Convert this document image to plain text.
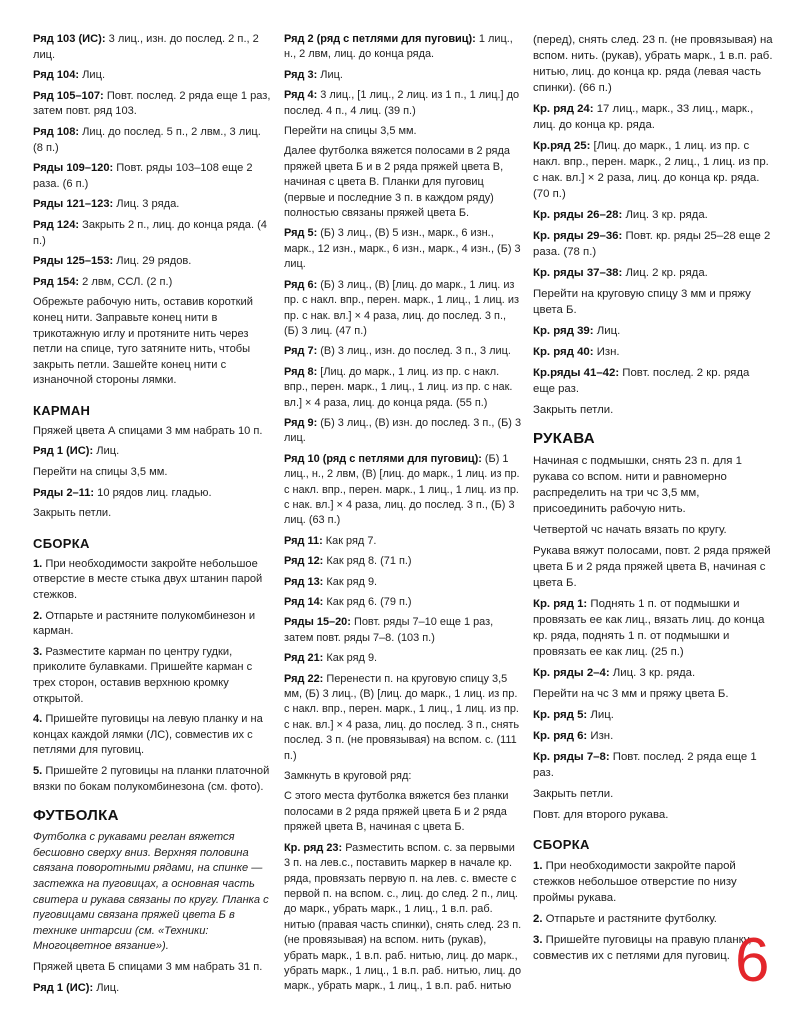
Ряд 103 (ИС): 3 лиц., изн. до послед. 2 п., 2 лиц.

Ряд 104: Лиц.

Ряд 105–107: Повт. послед. 2 ряда еще 1 раз, затем повт. ряд 103.

Ряд 108: Лиц. до послед. 5 п., 2 лвм., 3 лиц. (8 п.)

Ряды 109–120: Повт. ряды 103–108 еще 2 раза. (6 п.)

Ряды 121–123: Лиц. 3 ряда.

Ряд 124: Закрыть 2 п., лиц. до конца ряда. (4 п.)

Ряды 125–153: Лиц. 29 рядов.

Ряд 154: 2 лвм, ССЛ. (2 п.)

Обрежьте рабочую нить, оставив короткий конец нити. Заправьте конец нити в трикотажную иглу и протяните нить через петли на спице, туго затяните нить, чтобы закрыть петли. Зашейте конец нити с изнаночной стороны лямки.

КАРМАН

Пряжей цвета А спицами 3 мм набрать 10 п.

Ряд 1 (ИС): Лиц.

Перейти на спицы 3,5 мм.

Ряды 2–11: 10 рядов лиц. гладью.

Закрыть петли.

СБОРКА

1. При необходимости закройте небольшое отверстие в месте стыка двух штанин парой стежков.

2. Отпарьте и растяните полукомбинезон и карман.

3. Разместите карман по центру гудки, приколите булавками. Пришейте карман с трех сторон, оставив верхнюю кромку открытой.

4. Пришейте пуговицы на левую планку и на концах каждой лямки (ЛС), совместив их с петлями для пуговиц.

5. Пришейте 2 пуговицы на планки платочной вязки по бокам полукомбинезона (см. фото).

ФУТБОЛКА

Футболка с рукавами реглан вяжется бесшовно сверху вниз. Верхняя половина связана поворотными рядами, на спинке — застежка на пуговицах, а основная часть свитера и рукава связаны по кругу. Планка с пуговицами связана пряжей цвета Б в технике интарсии (см. «Техники: Многоцветное вязание»).

Пряжей цвета Б спицами 3 мм набрать 31 п.

Ряд 1 (ИС): Лиц.

Ряд 2 (ряд с петлями для пуговиц): 1 лиц., н., 2 лвм, лиц. до конца ряда.

Ряд 3: Лиц.

Ряд 4: 3 лиц., [1 лиц., 2 лиц. из 1 п., 1 лиц.] до послед. 4 п., 4 лиц. (39 п.)

Перейти на спицы 3,5 мм.

Далее футболка вяжется полосами в 2 ряда пряжей цвета Б и в 2 ряда пряжей цвета В, начиная с цвета В. Планки для пуговиц (первые и последние 3 п. в каждом ряду) полностью связаны пряжей цвета Б.

Ряд 5: (Б) 3 лиц., (В) 5 изн., марк., 6 изн., марк., 12 изн., марк., 6 изн., марк., 4 изн., (Б) 3 лиц.

Ряд 6: (Б) 3 лиц., (В) [лиц. до марк., 1 лиц. из пр. с накл. впр., перен. марк., 1 лиц., 1 лиц. из пр. с нак. вл.] × 4 раза, лиц. до послед. 3 п., (Б) 3 лиц. (47 п.)

Ряд 7: (В) 3 лиц., изн. до послед. 3 п., 3 лиц.

Ряд 8: [Лиц. до марк., 1 лиц. из пр. с накл. впр., перен. марк., 1 лиц., 1 лиц. из пр. с нак. вл.] × 4 раза, лиц. до конца ряда. (55 п.)

Ряд 9: (Б) 3 лиц., (В) изн. до послед. 3 п., (Б) 3 лиц.

Ряд 10 (ряд с петлями для пуговиц): (Б) 1 лиц., н., 2 лвм, (В) [лиц. до марк., 1 лиц. из пр. с накл. впр., перен. марк., 1 лиц., 1 лиц. из пр. с нак. вл.] × 4 раза, лиц. до послед. 3 п., (Б) 3 лиц. (63 п.)

Ряд 11: Как ряд 7.

Ряд 12: Как ряд 8. (71 п.)

Ряд 13: Как ряд 9.

Ряд 14: Как ряд 6. (79 п.)

Ряды 15–20: Повт. ряды 7–10 еще 1 раз, затем повт. ряды 7–8. (103 п.)

Ряд 21: Как ряд 9.

Ряд 22: Перенести п. на круговую спицу 3,5 мм, (Б) 3 лиц., (В) [лиц. до марк., 1 лиц. из пр. с накл. впр., перен. марк., 1 лиц., 1 лиц. из пр. с нак. вл.] × 4 раза, лиц. до послед. 3 п., снять послед. 3 п. (не провязывая) на вспом. с. (111 п.)

Замкнуть в круговой ряд:

С этого места футболка вяжется без планки полосами в 2 ряда пряжей цвета Б и 2 ряда пряжей цвета В, начиная с цвета Б.

Кр. ряд 23: Разместить вспом. с. за первыми 3 п. на лев.с., поставить маркер в начале кр. ряда, провязать первую п. на лев. с. вместе с первой п. на вспом. с., лиц. до след. 2 п., лиц. до марк., убрать марк., 1 лиц., 1 в.п. раб. нитью (правая часть спинки), снять след. 23 п. (не провязывая) на вспом. нить (рукав), убрать марк., 1 в.п. раб. нитью, лиц. до марк., убрать марк., 1 лиц., 1 в.п. раб. нитью, лиц. до марк., убрать марк., 1 лиц., 1 в.п. раб. нитью

(перед), снять след. 23 п. (не провязывая) на вспом. нить. (рукав), убрать марк., 1 в.п. раб. нитью, лиц. до конца кр. ряда (левая часть спинки). (66 п.)

Кр. ряд 24: 17 лиц., марк., 33 лиц., марк., лиц. до конца кр. ряда.

Кр.ряд 25: [Лиц. до марк., 1 лиц. из пр. с накл. впр., перен. марк., 2 лиц., 1 лиц. из пр. с нак. вл.] × 2 раза, лиц. до конца кр. ряда. (70 п.)

Кр. ряды 26–28: Лиц. 3 кр. ряда.

Кр. ряды 29–36: Повт. кр. ряды 25–28 еще 2 раза. (78 п.)

Кр. ряды 37–38: Лиц. 2 кр. ряда.

Перейти на круговую спицу 3 мм и пряжу цвета Б.

Кр. ряд 39: Лиц.

Кр. ряд 40: Изн.

Кр.ряды 41–42: Повт. послед. 2 кр. ряда еще раз.

Закрыть петли.

РУКАВА

Начиная с подмышки, снять 23 п. для 1 рукава со вспом. нити и равномерно распределить на три чс 3,5 мм, присоединить рабочую нить.

Четвертой чс начать вязать по кругу.

Рукава вяжут полосами, повт. 2 ряда пряжей цвета Б и 2 ряда пряжей цвета В, начиная с цвета Б.

Кр. ряд 1: Поднять 1 п. от подмышки и провязать ее как лиц., вязать лиц. до конца кр. ряда, поднять 1 п. от подмышки и провязать ее как лиц. (25 п.)

Кр. ряды 2–4: Лиц. 3 кр. ряда.

Перейти на чс 3 мм и пряжу цвета Б.

Кр. ряд 5: Лиц.

Кр. ряд 6: Изн.

Кр. ряды 7–8: Повт. послед. 2 ряда еще 1 раз.

Закрыть петли.

Повт. для второго рукава.

СБОРКА

1. При необходимости закройте парой стежков небольшое отверстие по низу проймы рукава.

2. Отпарьте и растяните футболку.

3. Пришейте пуговицы на правую планку, совместив их с петлями для пуговиц. 6
